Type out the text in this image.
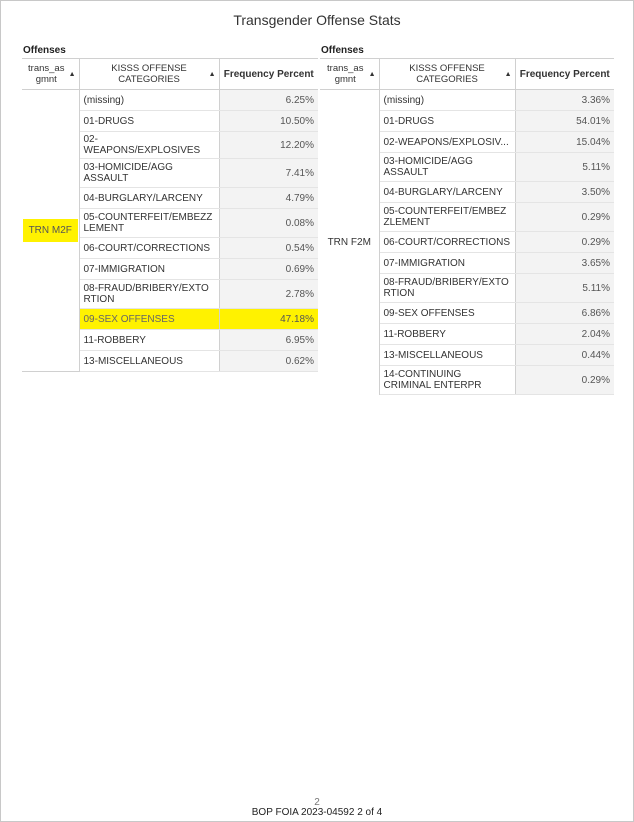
Transgender Offense Stats
Offenses
trans_as gmnt ▲	KISSS OFFENSE CATEGORIES ▲	Frequency Percent
TRN M2F	(missing)	6.25%
	01-DRUGS	10.50%
	02-WEAPONS/EXPLOSIVES	12.20%
	03-HOMICIDE/AGG ASSAULT	7.41%
	04-BURGLARY/LARCENY	4.79%
	05-COUNTERFEIT/EMBEZZ LEMENT	0.08%
	06-COURT/CORRECTIONS	0.54%
	07-IMMIGRATION	0.69%
	08-FRAUD/BRIBERY/EXTO RTION	2.78%
	09-SEX OFFENSES	47.18%
	11-ROBBERY	6.95%
	13-MISCELLANEOUS	0.62%
Offenses
trans_as gmnt ▲	KISSS OFFENSE CATEGORIES ▲	Frequency Percent
TRN F2M	(missing)	3.36%
	01-DRUGS	54.01%
	02-WEAPONS/EXPLOSIV...	15.04%
	03-HOMICIDE/AGG ASSAULT	5.11%
	04-BURGLARY/LARCENY	3.50%
	05-COUNTERFEIT/EMBEZ ZLEMENT	0.29%
	06-COURT/CORRECTIONS	0.29%
	07-IMMIGRATION	3.65%
	08-FRAUD/BRIBERY/EXTO RTION	5.11%
	09-SEX OFFENSES	6.86%
	11-ROBBERY	2.04%
	13-MISCELLANEOUS	0.44%
	14-CONTINUING CRIMINAL ENTERPR	0.29%
2
BOP FOIA 2023-04592 2 of 4
